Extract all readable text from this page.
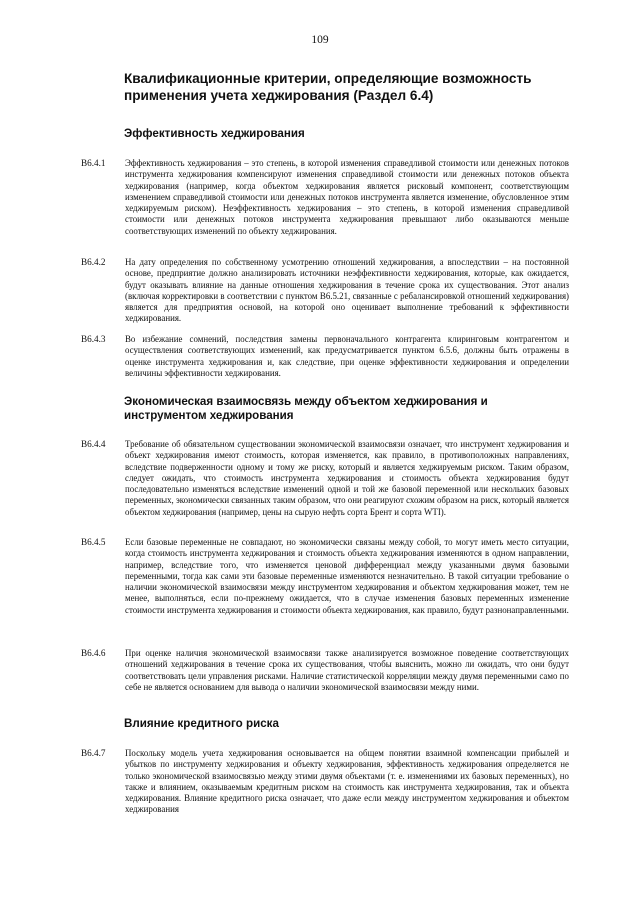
109
Квалификационные критерии, определяющие возможность применения учета хеджирования (Раздел 6.4)
Эффективность хеджирования
B6.4.1 Эффективность хеджирования – это степень, в которой изменения справедливой стоимости или денежных потоков инструмента хеджирования компенсируют изменения справедливой стоимости или денежных потоков объекта хеджирования (например, когда объектом хеджирования является рисковый компонент, соответствующим изменением справедливой стоимости или денежных потоков инструмента является изменение, обусловленное этим хеджируемым риском). Неэффективность хеджирования – это степень, в которой изменения справедливой стоимости или денежных потоков инструмента хеджирования превышают либо оказываются меньше соответствующих изменений по объекту хеджирования.
B6.4.2 На дату определения по собственному усмотрению отношений хеджирования, а впоследствии – на постоянной основе, предприятие должно анализировать источники неэффективности хеджирования, которые, как ожидается, будут оказывать влияние на данные отношения хеджирования в течение срока их существования. Этот анализ (включая корректировки в соответствии с пунктом B6.5.21, связанные с ребалансировкой отношений хеджирования) является для предприятия основой, на которой оно оценивает выполнение требований к эффективности хеджирования.
B6.4.3 Во избежание сомнений, последствия замены первоначального контрагента клиринговым контрагентом и осуществления соответствующих изменений, как предусматривается пунктом 6.5.6, должны быть отражены в оценке инструмента хеджирования и, как следствие, при оценке эффективности хеджирования и определении величины эффективности хеджирования.
Экономическая взаимосвязь между объектом хеджирования и инструментом хеджирования
B6.4.4 Требование об обязательном существовании экономической взаимосвязи означает, что инструмент хеджирования и объект хеджирования имеют стоимость, которая изменяется, как правило, в противоположных направлениях, вследствие подверженности одному и тому же риску, который и является хеджируемым риском. Таким образом, следует ожидать, что стоимость инструмента хеджирования и стоимость объекта хеджирования будут последовательно изменяться вследствие изменений одной и той же базовой переменной или нескольких базовых переменных, экономически связанных таким образом, что они реагируют схожим образом на риск, который является объектом хеджирования (например, цены на сырую нефть сорта Брент и сорта WTI).
B6.4.5 Если базовые переменные не совпадают, но экономически связаны между собой, то могут иметь место ситуации, когда стоимость инструмента хеджирования и стоимость объекта хеджирования изменяются в одном направлении, например, вследствие того, что изменяется ценовой дифференциал между указанными двумя базовыми переменными, тогда как сами эти базовые переменные изменяются незначительно. В такой ситуации требование о наличии экономической взаимосвязи между инструментом хеджирования и объектом хеджирования может, тем не менее, выполняться, если по-прежнему ожидается, что в случае изменения базовых переменных изменение стоимости инструмента хеджирования и стоимости объекта хеджирования, как правило, будут разнонаправленными.
B6.4.6 При оценке наличия экономической взаимосвязи также анализируется возможное поведение соответствующих отношений хеджирования в течение срока их существования, чтобы выяснить, можно ли ожидать, что они будут соответствовать цели управления рисками. Наличие статистической корреляции между двумя переменными само по себе не является основанием для вывода о наличии экономической взаимосвязи между ними.
Влияние кредитного риска
B6.4.7 Поскольку модель учета хеджирования основывается на общем понятии взаимной компенсации прибылей и убытков по инструменту хеджирования и объекту хеджирования, эффективность хеджирования определяется не только экономической взаимосвязью между этими двумя объектами (т. е. изменениями их базовых переменных), но также и влиянием, оказываемым кредитным риском на стоимость как инструмента хеджирования, так и объекта хеджирования. Влияние кредитного риска означает, что даже если между инструментом хеджирования и объектом хеджирования
